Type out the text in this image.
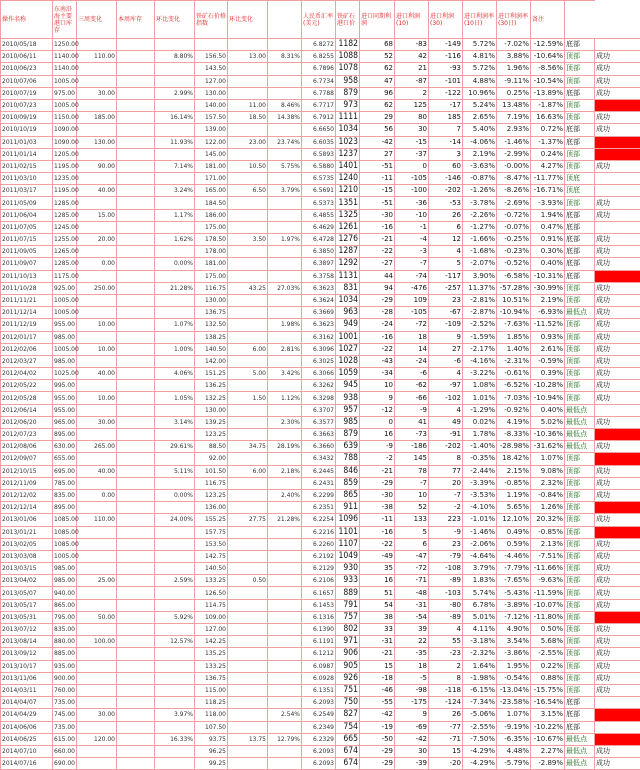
操作名称	东南沿海主要港口库存	三周变化	本周库存	环比变化	铁矿石价格指数	环比变化		人民币汇率(美元)	铁矿石港口价	进口同期利润	进口利润(10)	进口利润(30)	进口利润率(10日)	进口利润率(30日)	备注		
2010/05/18	1250.00							6.8272	1182	68	-83	-149	5.72%	-7.02%	-12.59%	底部	
2010/06/11	1140.00	110.00		8.80%	156.50	13.00	8.31%	6.8255	1088	52	42	-116	4.81%	3.88%	-10.64%	顶部	成功
2010/06/23	1140.00				143.50			6.7896	1078	62	21	-93	5.72%	1.96%	-8.56%	顶部	成功
2010/07/06	1005.00				127.00			6.7734	958	47	-87	-101	4.88%	-9.11%	-10.54%	顶部	成功
2010/07/19	975.00	30.00		2.99%	130.00			6.7788	879	96	2	-122	10.96%	0.25%	-13.89%	底部	成功
2010/07/23	1005.00				140.00	11.00	8.46%	6.7717	973	62	125	-17	5.24%	13.48%	-1.87%	顶部	
2010/09/19	1150.00	185.00		16.14%	157.50	18.50	14.38%	6.7912	1111	29	80	185	2.65%	7.19%	16.63%	顶部	成功
2010/10/19	1090.00				139.00			6.6650	1034	56	30	7	5.40%	2.93%	0.72%	底部	成功
2011/01/03	1090.00	130.00		11.93%	122.00	23.00	23.74%	6.6035	1023	-42	-15	-14	-4.06%	-1.46%	-1.37%	底部	
2011/01/14	1205.00				145.00			6.5893	1237	27	-37	3	2.19%	-2.99%	0.24%	顶部	
2011/02/15	1195.00	90.00		7.14%	181.00	10.50	5.75%	6.5880	1401	-51	0	60	-3.63%	-0.00%	4.27%	顶部	成功
2011/03/10	1235.00				171.00			6.5735	1240	-11	-105	-146	-0.87%	-8.47%	-11.77%	顶底	
2011/03/17	1195.00	40.00		3.24%	165.00	6.50	3.79%	6.5691	1210	-15	-100	-202	-1.26%	-8.26%	-16.71%	顶底	
2011/05/09	1285.00				184.50			6.5373	1351	-51	-36	-53	-3.78%	-2.69%	-3.93%	顶部	成功
2011/06/04	1285.00	15.00		1.17%	186.00			6.4855	1325	-30	-10	26	-2.26%	-0.72%	1.94%	底部	成功
2011/07/05	1245.00				175.00			6.4629	1261	-16	-1	6	-1.27%	-0.07%	0.47%	底部	
2011/07/15	1255.00	20.00		1.62%	178.50	3.50	1.97%	6.4728	1276	-21	-4	12	-1.66%	-0.25%	0.91%	底部	成功
2011/09/05	1265.00				178.00			6.3850	1287	-22	-3	4	-1.68%	-0.23%	0.30%	底部	成功
2011/09/07	1285.00	0.00		0.00%	181.00			6.3897	1292	-27	-7	5	-2.07%	-0.52%	0.40%	底部	成功
2011/10/13	1175.00				175.00			6.3758	1131	44	-74	-117	3.90%	-6.58%	-10.31%	底部	
2011/10/28	925.00	250.00		21.28%	116.75	43.25	27.03%	6.3623	831	94	-476	-257	11.37%	-57.28%	-30.99%	顶部	成功
2011/11/21	1005.00				130.00			6.3624	1034	-29	109	23	-2.81%	10.51%	2.19%	顶部	成功
2011/12/14	1005.00				136.75			6.3669	963	-28	-105	-67	-2.87%	-10.94%	-6.93%	最低点	成功
2011/12/19	955.00	10.00		1.07%	132.50		1.98%	6.3623	949	-24	-72	-109	-2.52%	-7.63%	-11.52%	顶部	成功
2012/01/17	985.00				138.25			6.3162	1001	-16	18	9	-1.59%	1.85%	0.93%	顶部	成功
2012/02/06	1005.00	10.00		1.00%	140.50	6.00	2.81%	6.3096	1027	-22	14	27	-2.17%	1.40%	2.61%	顶部	成功
2012/03/27	985.00				142.00			6.3025	1028	-43	-24	-6	-4.16%	-2.31%	-0.59%	顶部	成功
2012/04/02	1025.00	40.00		4.06%	151.25	5.00	3.42%	6.3066	1059	-34	-6	4	-3.22%	-0.61%	0.39%	顶部	成功
2012/05/22	995.00				136.25			6.3262	945	10	-62	-97	1.08%	-6.52%	-10.28%	顶部	成功
2012/05/28	955.00	10.00		1.05%	132.25	1.50	1.12%	6.3298	938	9	-66	-102	1.01%	-7.03%	-10.94%	顶部	成功
2012/06/14	955.00				130.00			6.3707	957	-12	-9	4	-1.29%	-0.92%	0.40%	最低点	
2012/06/20	965.00	30.00		3.14%	139.25		2.30%	6.3577	985	0	41	49	0.02%	4.19%	5.02%	最低点	成功
2012/07/23	895.00				123.25			6.3663	879	16	-73	-91	1.78%	-8.33%	-10.36%	最低点	
2012/08/06	630.00	265.00		29.61%	88.50	34.75	28.19%	6.3660	639	-9	-186	-202	-1.40%	-28.98%	-31.62%	最低点	成功
2012/09/07	655.00				92.00			6.3432	788	-2	145	8	-0.35%	18.42%	1.07%	顶部	
2012/10/15	695.00	40.00		5.11%	101.50	6.00	2.18%	6.2445	846	-21	78	77	-2.44%	2.15%	9.08%	顶部	成功
2012/11/09	785.00				116.75			6.2431	859	-29	-7	20	-3.39%	-0.85%	2.32%	顶部	成功
2012/12/02	835.00	0.00		0.00%	123.25		2.40%	6.2299	865	-30	10	-7	-3.53%	1.19%	-0.84%	顶部	成功
2012/12/14	895.00				136.00			6.2351	911	-38	52	-2	-4.10%	5.65%	1.26%	顶部	
2013/01/06	1085.00	110.00		24.00%	155.25	27.75	21.28%	6.2254	1096	-11	133	223	-1.01%	12.10%	20.32%	顶部	成功
2013/01/21	1085.00				157.75			6.2216	1101	-16	5	-9	-1.46%	0.49%	-0.85%	顶部	
2013/02/05	1085.00				153.50			6.2260	1107	-22	6	23	-2.06%	0.59%	2.13%	顶部	成功
2013/03/08	1005.00				142.75			6.2192	1049	-49	-47	-79	-4.64%	-4.46%	-7.51%	顶部	成功
2013/03/15	985.00				140.50			6.2129	930	35	-72	-108	3.79%	-7.79%	-11.66%	顶部	成功
2013/04/02	985.00	25.00		2.59%	133.25	0.50		6.2106	933	16	-71	-89	1.83%	-7.65%	-9.63%	顶部	成功
2013/05/07	940.00				126.50			6.1657	889	51	-48	-103	5.74%	-5.43%	-11.59%	顶部	成功
2013/05/17	865.00				114.75			6.1453	791	54	-31	-80	6.78%	-3.89%	-10.07%	顶部	成功
2013/05/31	795.00	50.00		5.92%	109.00			6.1316	757	38	-54	-89	5.01%	-7.12%	-11.80%	顶部	
2013/07/12	835.00				127.00			6.1390	802	33	39	4	4.11%	4.90%	0.50%	顶部	成功
2013/08/14	880.00	100.00		12.57%	142.25			6.1191	971	-31	22	55	-3.18%	3.54%	5.68%	顶部	成功
2013/09/12	885.00				135.25			6.1212	906	-21	-35	-23	-2.32%	-3.86%	-2.55%	顶部	成功
2013/10/17	935.00				133.25			6.0987	905	15	18	2	1.64%	1.95%	0.22%	顶部	成功
2013/11/06	900.00				136.75			6.0928	926	-18	-5	8	-1.98%	-0.54%	0.88%	顶部	成功
2014/03/11	760.00				115.00			6.1351	751	-46	-98	-118	-6.15%	-13.04%	-15.75%	顶部	成功
2014/04/07	735.00				118.25			6.2093	750	-55	-175	-124	-7.34%	-23.58%	-16.54%	底部	
2014/04/29	745.00	30.00		3.97%	118.00		2.54%	6.2549	827	-42	9	26	-5.06%	1.07%	3.15%	底部	
2014/06/06	735.00				107.50			6.2349	754	-19	-69	-77	-2.55%	-9.19%	-10.22%	底部	
2014/06/25	615.00	120.00		16.33%	93.75	13.75	12.79%	6.2329	665	-50	-42	-71	-7.50%	-6.35%	-10.67%	最低点	
2014/07/10	660.00				96.25			6.2093	674	-29	30	15	-4.29%	4.48%	2.27%	最低点	成功
2014/07/16	690.00				99.25			6.2093	674	-29	-39	-20	-4.29%	-5.79%	-2.89%	最低点	成功
